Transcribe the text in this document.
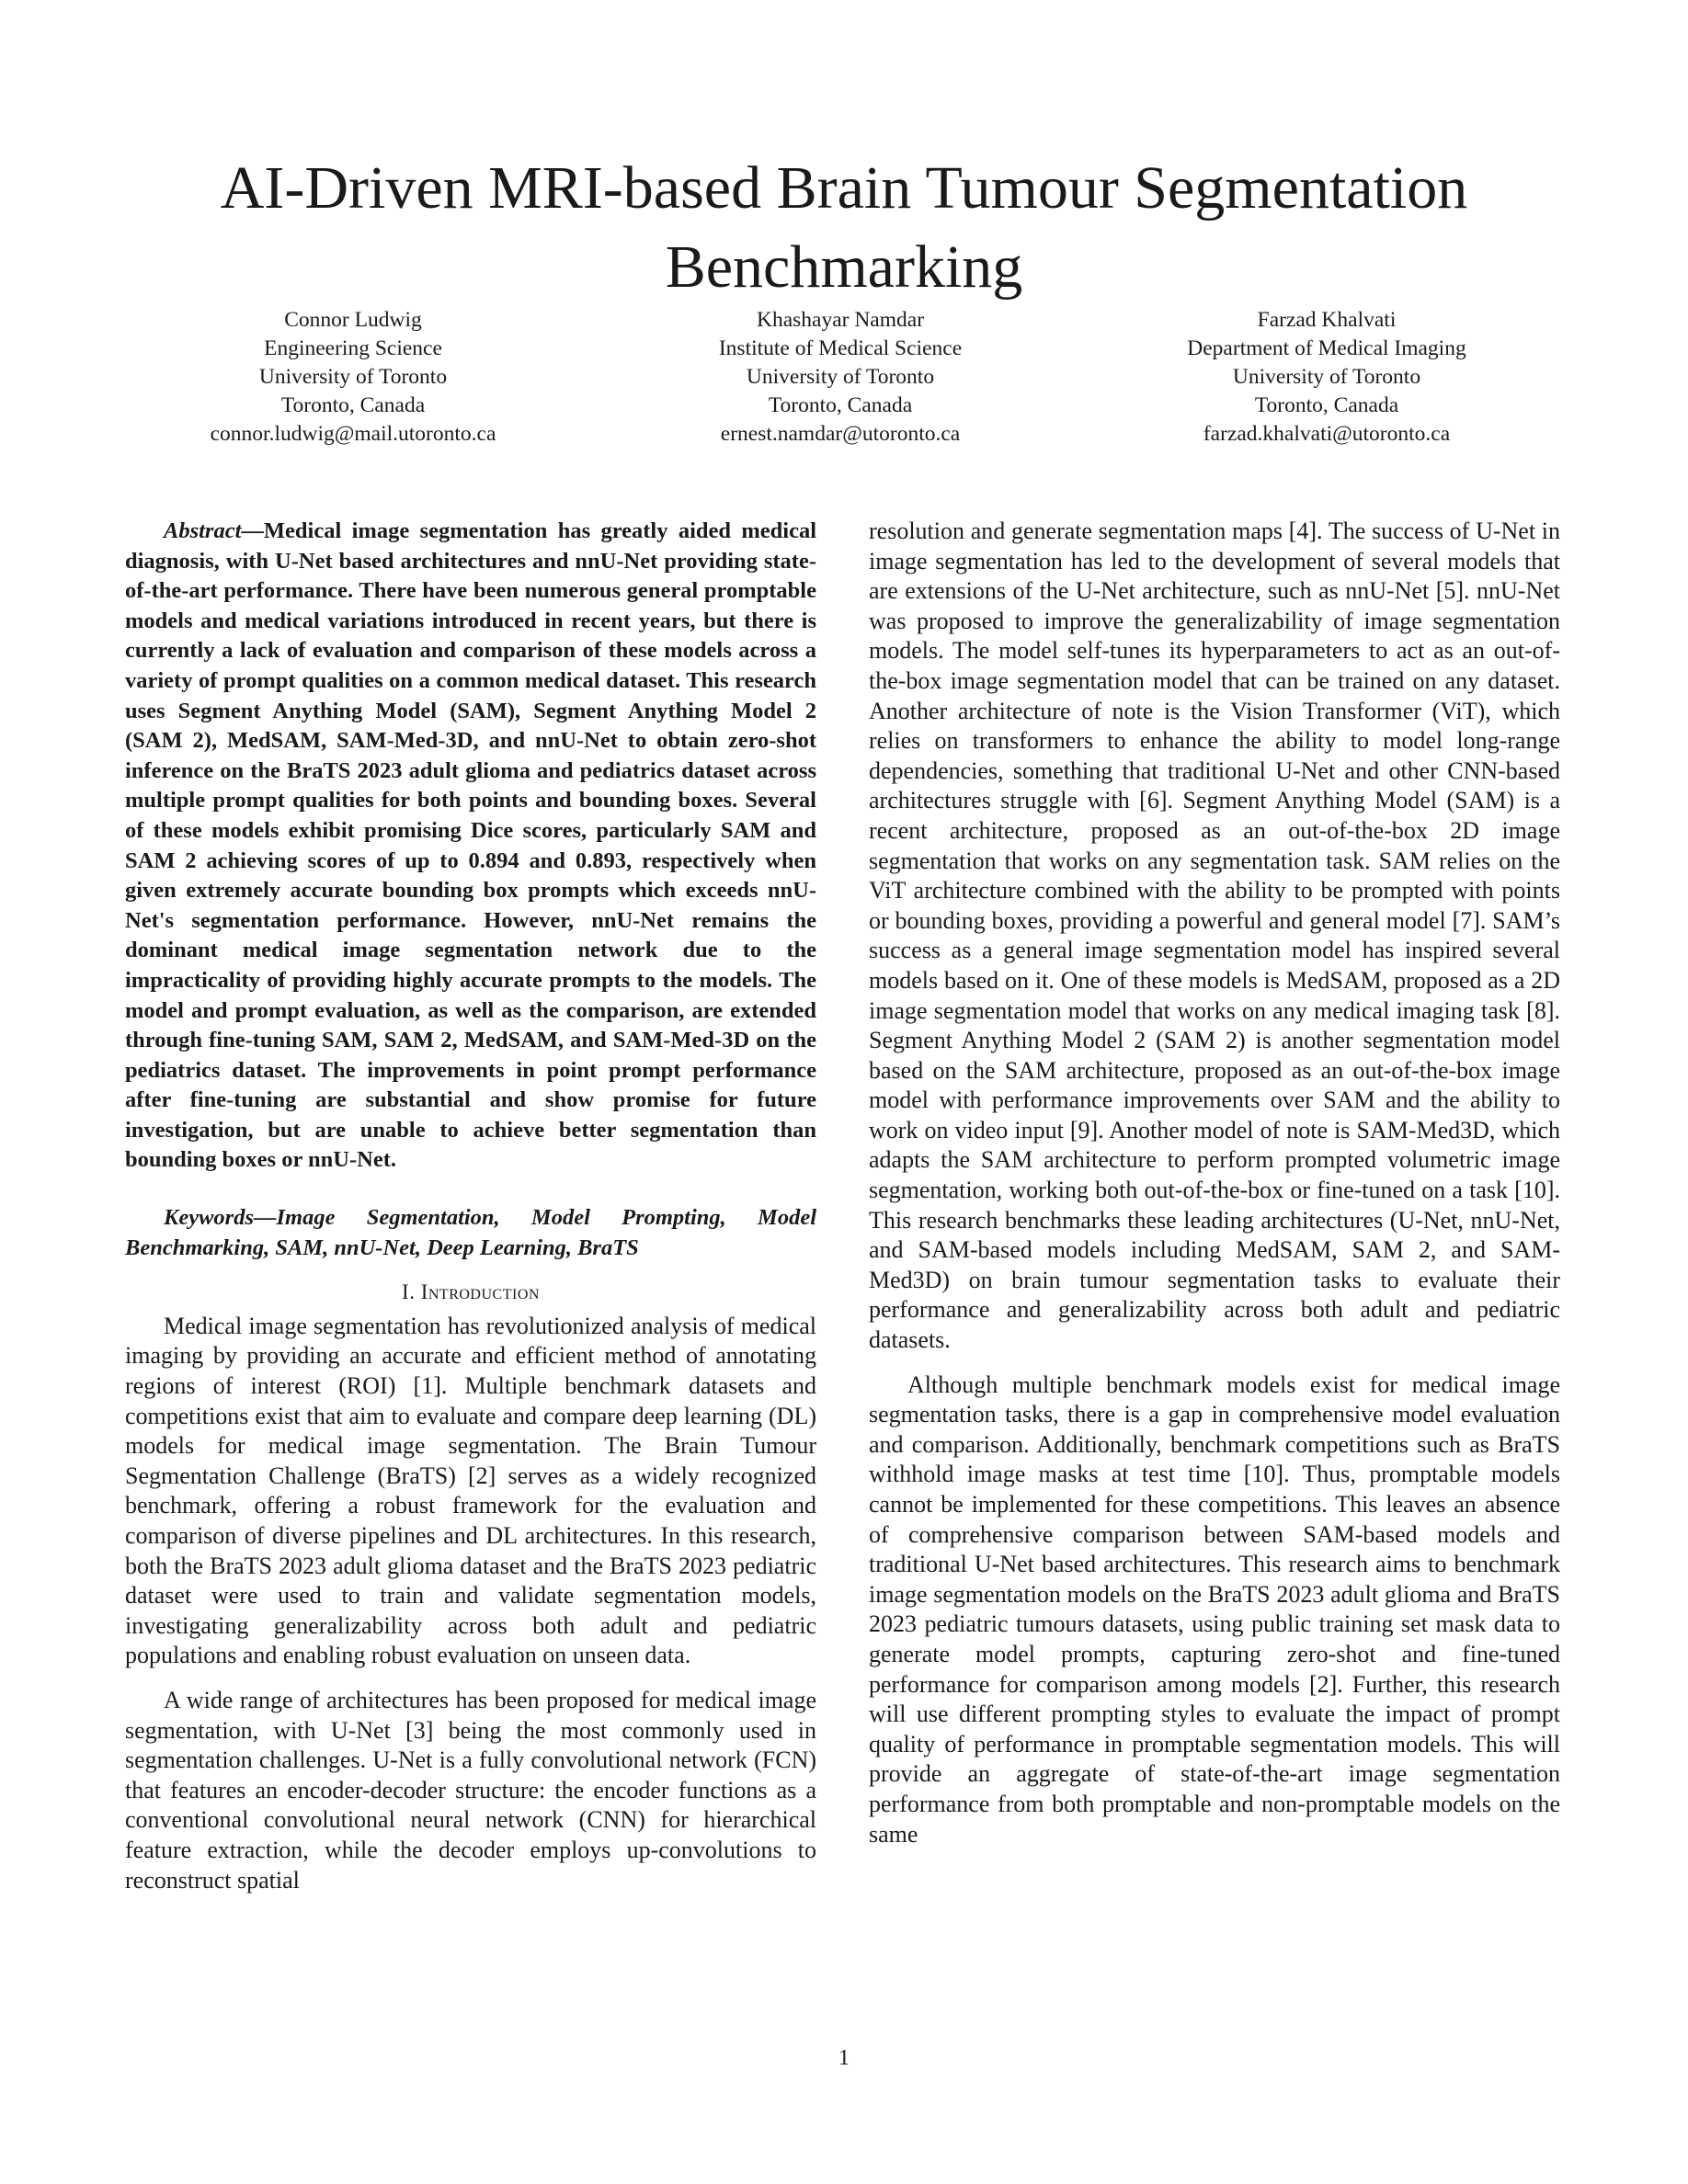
AI-Driven MRI-based Brain Tumour Segmentation Benchmarking
Connor Ludwig
Engineering Science
University of Toronto
Toronto, Canada
connor.ludwig@mail.utoronto.ca
Khashayar Namdar
Institute of Medical Science
University of Toronto
Toronto, Canada
ernest.namdar@utoronto.ca
Farzad Khalvati
Department of Medical Imaging
University of Toronto
Toronto, Canada
farzad.khalvati@utoronto.ca

Abstract—Medical image segmentation has greatly aided medical diagnosis, with U-Net based architectures and nnU-Net providing state-of-the-art performance. There have been numerous general promptable models and medical variations introduced in recent years, but there is currently a lack of evaluation and comparison of these models across a variety of prompt qualities on a common medical dataset. This research uses Segment Anything Model (SAM), Segment Anything Model 2 (SAM 2), MedSAM, SAM-Med-3D, and nnU-Net to obtain zero-shot inference on the BraTS 2023 adult glioma and pediatrics dataset across multiple prompt qualities for both points and bounding boxes. Several of these models exhibit promising Dice scores, particularly SAM and SAM 2 achieving scores of up to 0.894 and 0.893, respectively when given extremely accurate bounding box prompts which exceeds nnU-Net's segmentation performance. However, nnU-Net remains the dominant medical image segmentation network due to the impracticality of providing highly accurate prompts to the models. The model and prompt evaluation, as well as the comparison, are extended through fine-tuning SAM, SAM 2, MedSAM, and SAM-Med-3D on the pediatrics dataset. The improvements in point prompt performance after fine-tuning are substantial and show promise for future investigation, but are unable to achieve better segmentation than bounding boxes or nnU-Net.

Keywords—Image Segmentation, Model Prompting, Model Benchmarking, SAM, nnU-Net, Deep Learning, BraTS

I. Introduction

Medical image segmentation has revolutionized analysis of medical imaging by providing an accurate and efficient method of annotating regions of interest (ROI) [1]. Multiple benchmark datasets and competitions exist that aim to evaluate and compare deep learning (DL) models for medical image segmentation. The Brain Tumour Segmentation Challenge (BraTS) [2] serves as a widely recognized benchmark, offering a robust framework for the evaluation and comparison of diverse pipelines and DL architectures. In this research, both the BraTS 2023 adult glioma dataset and the BraTS 2023 pediatric dataset were used to train and validate segmentation models, investigating generalizability across both adult and pediatric populations and enabling robust evaluation on unseen data.

A wide range of architectures has been proposed for medical image segmentation, with U-Net [3] being the most commonly used in segmentation challenges. U-Net is a fully convolutional network (FCN) that features an encoder-decoder structure: the encoder functions as a conventional convolutional neural network (CNN) for hierarchical feature extraction, while the decoder employs up-convolutions to reconstruct spatial

resolution and generate segmentation maps [4]. The success of U-Net in image segmentation has led to the development of several models that are extensions of the U-Net architecture, such as nnU-Net [5]. nnU-Net was proposed to improve the generalizability of image segmentation models. The model self-tunes its hyperparameters to act as an out-of-the-box image segmentation model that can be trained on any dataset. Another architecture of note is the Vision Transformer (ViT), which relies on transformers to enhance the ability to model long-range dependencies, something that traditional U-Net and other CNN-based architectures struggle with [6]. Segment Anything Model (SAM) is a recent architecture, proposed as an out-of-the-box 2D image segmentation that works on any segmentation task. SAM relies on the ViT architecture combined with the ability to be prompted with points or bounding boxes, providing a powerful and general model [7]. SAM’s success as a general image segmentation model has inspired several models based on it. One of these models is MedSAM, proposed as a 2D image segmentation model that works on any medical imaging task [8]. Segment Anything Model 2 (SAM 2) is another segmentation model based on the SAM architecture, proposed as an out-of-the-box image model with performance improvements over SAM and the ability to work on video input [9]. Another model of note is SAM-Med3D, which adapts the SAM architecture to perform prompted volumetric image segmentation, working both out-of-the-box or fine-tuned on a task [10]. This research benchmarks these leading architectures (U-Net, nnU-Net, and SAM-based models including MedSAM, SAM 2, and SAM-Med3D) on brain tumour segmentation tasks to evaluate their performance and generalizability across both adult and pediatric datasets.

Although multiple benchmark models exist for medical image segmentation tasks, there is a gap in comprehensive model evaluation and comparison. Additionally, benchmark competitions such as BraTS withhold image masks at test time [10]. Thus, promptable models cannot be implemented for these competitions. This leaves an absence of comprehensive comparison between SAM-based models and traditional U-Net based architectures. This research aims to benchmark image segmentation models on the BraTS 2023 adult glioma and BraTS 2023 pediatric tumours datasets, using public training set mask data to generate model prompts, capturing zero-shot and fine-tuned performance for comparison among models [2]. Further, this research will use different prompting styles to evaluate the impact of prompt quality of performance in promptable segmentation models. This will provide an aggregate of state-of-the-art image segmentation performance from both promptable and non-promptable models on the same

1
